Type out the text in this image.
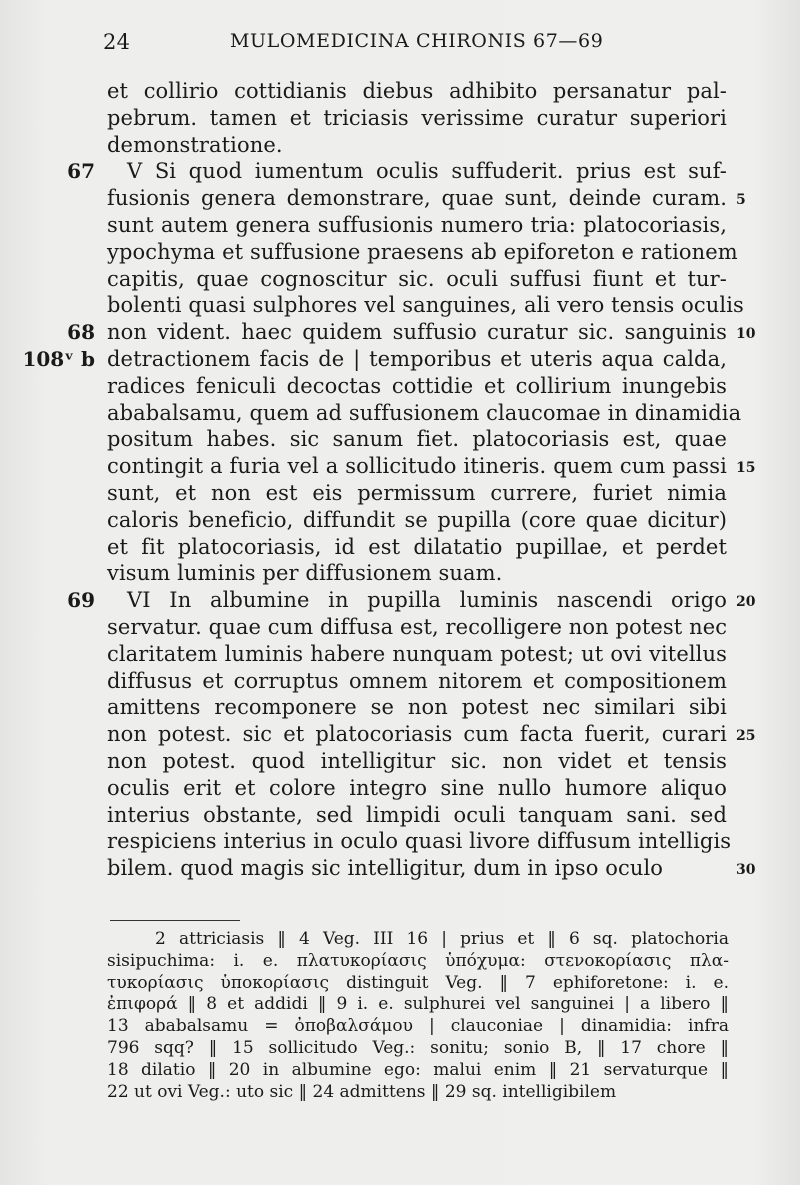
24	MULOMEDICINA CHIRONIS 67—69
et collirio cottidianis diebus adhibito persanatur pal-
pebrum. tamen et triciasis verissime curatur superiori
demonstratione.
V Si quod iumentum oculis suffuderit. prius est suf-
fusionis genera demonstrare, quae sunt, deinde curam.
sunt autem genera suffusionis numero tria: platocoriasis,
ypochyma et suffusione praesens ab epiforeton e rationem
capitis, quae cognoscitur sic. oculi suffusi fiunt et tur-
bolenti quasi sulphores vel sanguines, ali vero tensis oculis
non vident. haec quidem suffusio curatur sic. sanguinis
detractionem facis de | temporibus et uteris aqua calda,
radices feniculi decoctas cottidie et collirium inungebis
ababalsamu, quem ad suffusionem claucomae in dinamidia
positum habes. sic sanum fiet. platocoriasis est, quae
contingit a furia vel a sollicitudo itineris. quem cum passi
sunt, et non est eis permissum currere, furiet nimia
caloris beneficio, diffundit se pupilla (core quae dicitur)
et fit platocoriasis, id est dilatatio pupillae, et perdet
visum luminis per diffusionem suam.
VI In albumine in pupilla luminis nascendi origo
servatur. quae cum diffusa est, recolligere non potest nec
claritatem luminis habere nunquam potest; ut ovi vitellus
diffusus et corruptus omnem nitorem et compositionem
amittens recomponere se non potest nec similari sibi
non potest. sic et platocoriasis cum facta fuerit, curari
non potest. quod intelligitur sic. non videt et tensis
oculis erit et colore integro sine nullo humore aliquo
interius obstante, sed limpidi oculi tanquam sani. sed
respiciens interius in oculo quasi livore diffusum intelligis
bilem. quod magis sic intelligitur, dum in ipso oculo
67
68
108ᵛ b
69
5
10
15
20
25
30
2 attriciasis ‖ 4 Veg. III 16 | prius et ‖ 6 sq. platochoria
sisipuchima: i. e. πλατυκορίασις ὑπόχυμα: στενοκορίασις πλα-
τυκορίασις ὑποκορίασις distinguit Veg. ‖ 7 ephiforetone: i. e.
ἐπιφορά ‖ 8 et addidi ‖ 9 i. e. sulphurei vel sanguinei | a libero ‖
13 ababalsamu = ὀποβαλσάμου | clauconiae | dinamidia: infra
796 sqq? ‖ 15 sollicitudo Veg.: sonitu; sonio B, ‖ 17 chore ‖
18 dilatio ‖ 20 in albumine ego: malui enim ‖ 21 servaturque ‖
22 ut ovi Veg.: uto sic ‖ 24 admittens ‖ 29 sq. intelligibilem
